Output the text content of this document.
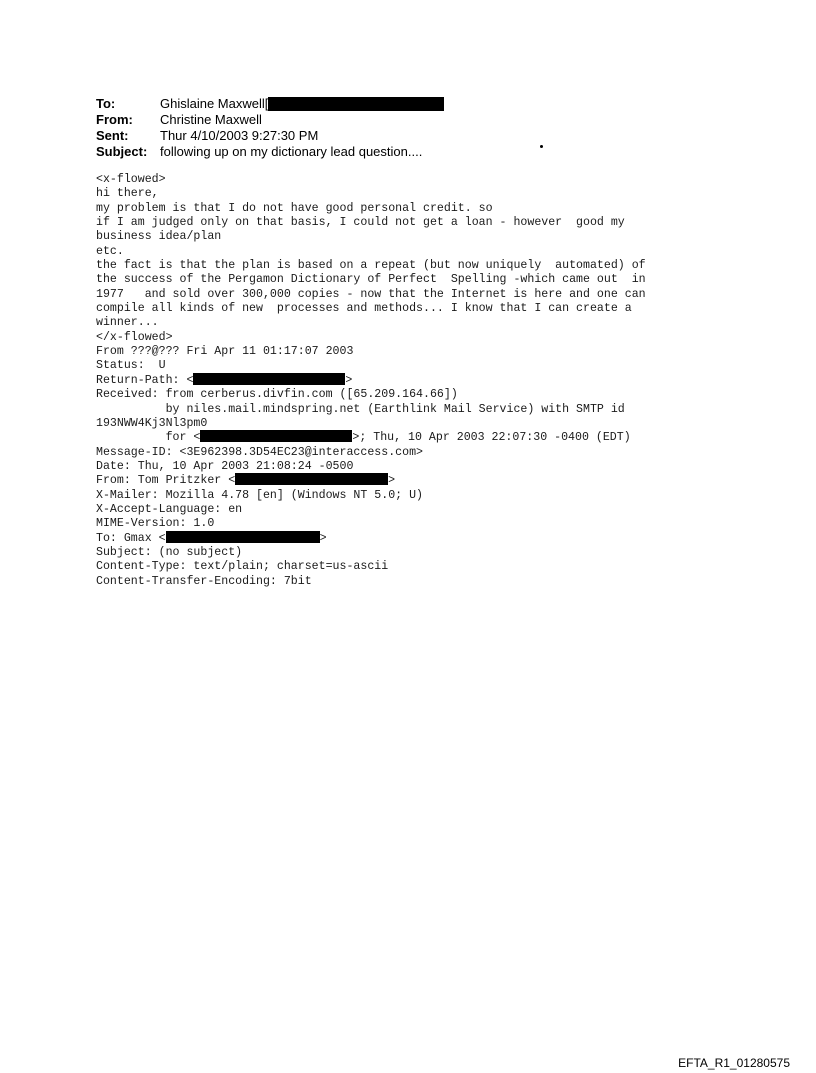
To:	Ghislaine Maxwell[
From:	Christine Maxwell
Sent:	Thur 4/10/2003 9:27:30 PM
Subject: following up on my dictionary lead question....
<x-flowed>
hi there,
my problem is that I do not have good personal credit. so
if I am judged only on that basis, I could not get a loan - however  good my
business idea/plan
etc.
the fact is that the plan is based on a repeat (but now uniquely  automated) of
the success of the Pergamon Dictionary of Perfect  Spelling -which came out  in
1977   and sold over 300,000 copies - now that the Internet is here and one can
compile all kinds of new  processes and methods... I know that I can create a
winner...
</x-flowed>
From ???@??? Fri Apr 11 01:17:07 2003
Status:  U
Return-Path: <	>
Received: from cerberus.divfin.com ([65.209.164.66])
by niles.mail.mindspring.net (Earthlink Mail Service) with SMTP id
193NWW4Kj3Nl3pm0
for <	>; Thu, 10 Apr 2003 22:07:30 -0400 (EDT)
Message-ID: <3E962398.3D54EC23@interaccess.com>
Date: Thu, 10 Apr 2003 21:08:24 -0500
From: Tom Pritzker <	>
X-Mailer: Mozilla 4.78 [en] (Windows NT 5.0; U)
X-Accept-Language: en
MIME-Version: 1.0
To: Gmax <	>
Subject: (no subject)
Content-Type: text/plain; charset=us-ascii
Content-Transfer-Encoding: 7bit
EFTA_R1_01280575
